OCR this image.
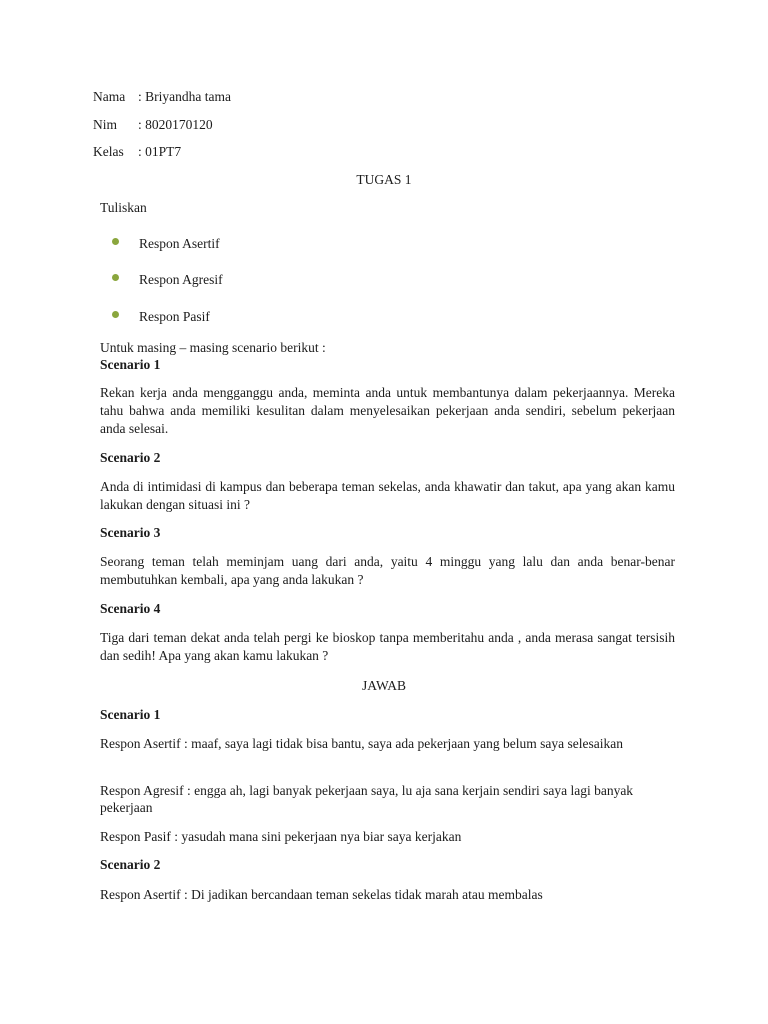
Nama : Briyandha tama
Nim : 8020170120
Kelas : 01PT7
TUGAS 1
Tuliskan
Respon Asertif
Respon Agresif
Respon Pasif
Untuk masing – masing scenario berikut :
Scenario 1
Rekan kerja anda mengganggu anda, meminta anda untuk membantunya dalam pekerjaannya. Mereka tahu bahwa anda memiliki kesulitan dalam menyelesaikan pekerjaan anda sendiri, sebelum pekerjaan anda selesai.
Scenario 2
Anda di intimidasi di kampus dan beberapa teman sekelas, anda khawatir dan takut, apa yang akan kamu lakukan dengan situasi ini ?
Scenario 3
Seorang teman telah meminjam uang dari anda, yaitu 4 minggu yang lalu dan anda benar-benar membutuhkan kembali, apa yang anda lakukan ?
Scenario 4
Tiga dari teman dekat anda telah pergi ke bioskop tanpa memberitahu anda , anda merasa sangat tersisih dan sedih! Apa yang akan kamu lakukan ?
JAWAB
Scenario 1
Respon Asertif : maaf, saya lagi tidak bisa bantu, saya ada pekerjaan yang belum saya selesaikan
Respon Agresif : engga ah, lagi banyak pekerjaan saya, lu aja sana kerjain sendiri saya lagi banyak pekerjaan
Respon Pasif : yasudah mana sini pekerjaan nya biar saya kerjakan
Scenario 2
Respon Asertif : Di jadikan bercandaan teman sekelas tidak marah atau membalas
